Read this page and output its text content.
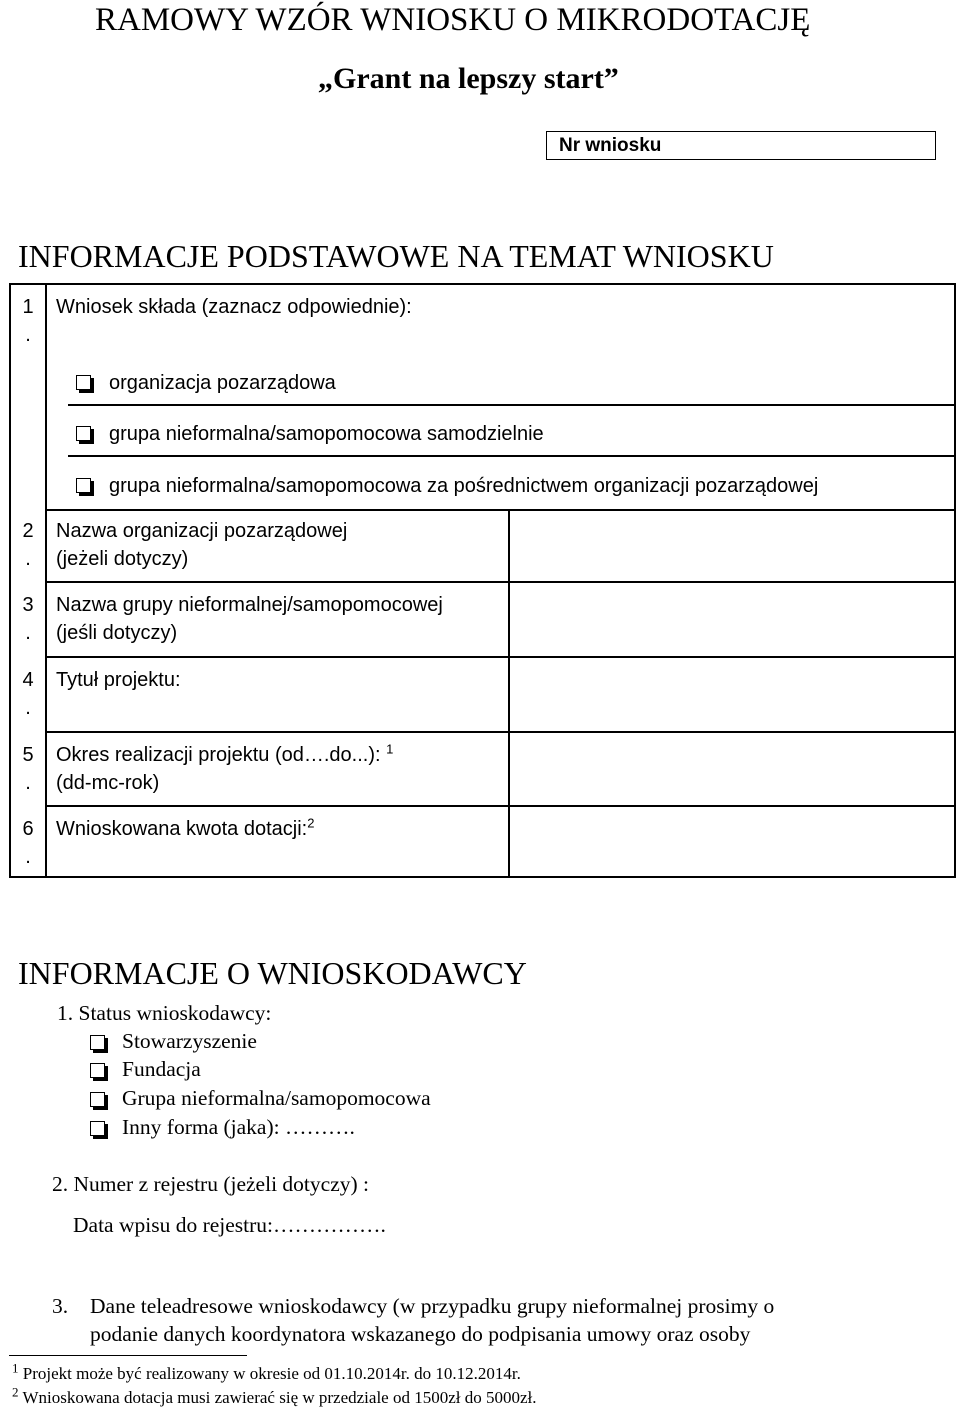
RAMOWY WZÓR WNIOSKU O MIKRODOTACJĘ
„Grant na lepszy start”
Nr wniosku
INFORMACJE PODSTAWOWE NA TEMAT WNIOSKU
1
.
Wniosek składa (zaznacz odpowiednie):
organizacja pozarządowa
grupa nieformalna/samopomocowa samodzielnie
grupa nieformalna/samopomocowa za pośrednictwem organizacji pozarządowej
2
.
Nazwa organizacji pozarządowej
(jeżeli dotyczy)
3
.
Nazwa grupy nieformalnej/samopomocowej
(jeśli dotyczy)
4
.
Tytuł projektu:
5
.
Okres realizacji projektu (od….do...): $^1$
(dd-mc-rok)
6
.
Wnioskowana kwota dotacji:$^2$
INFORMACJE O WNIOSKODAWCY
1. Status wnioskodawcy:
Stowarzyszenie
Fundacja
Grupa nieformalna/samopomocowa
Inny forma (jaka): ……….
2. Numer z rejestru (jeżeli dotyczy) :
Data wpisu do rejestru:…………….
3. Dane teleadresowe wnioskodawcy (w przypadku grupy nieformalnej prosimy o
podanie danych koordynatora wskazanego do podpisania umowy oraz osoby
$^1$ Projekt może być realizowany w okresie od 01.10.2014r. do 10.12.2014r.
$^2$ Wnioskowana dotacja musi zawierać się w przedziale od 1500zł do 5000zł.
